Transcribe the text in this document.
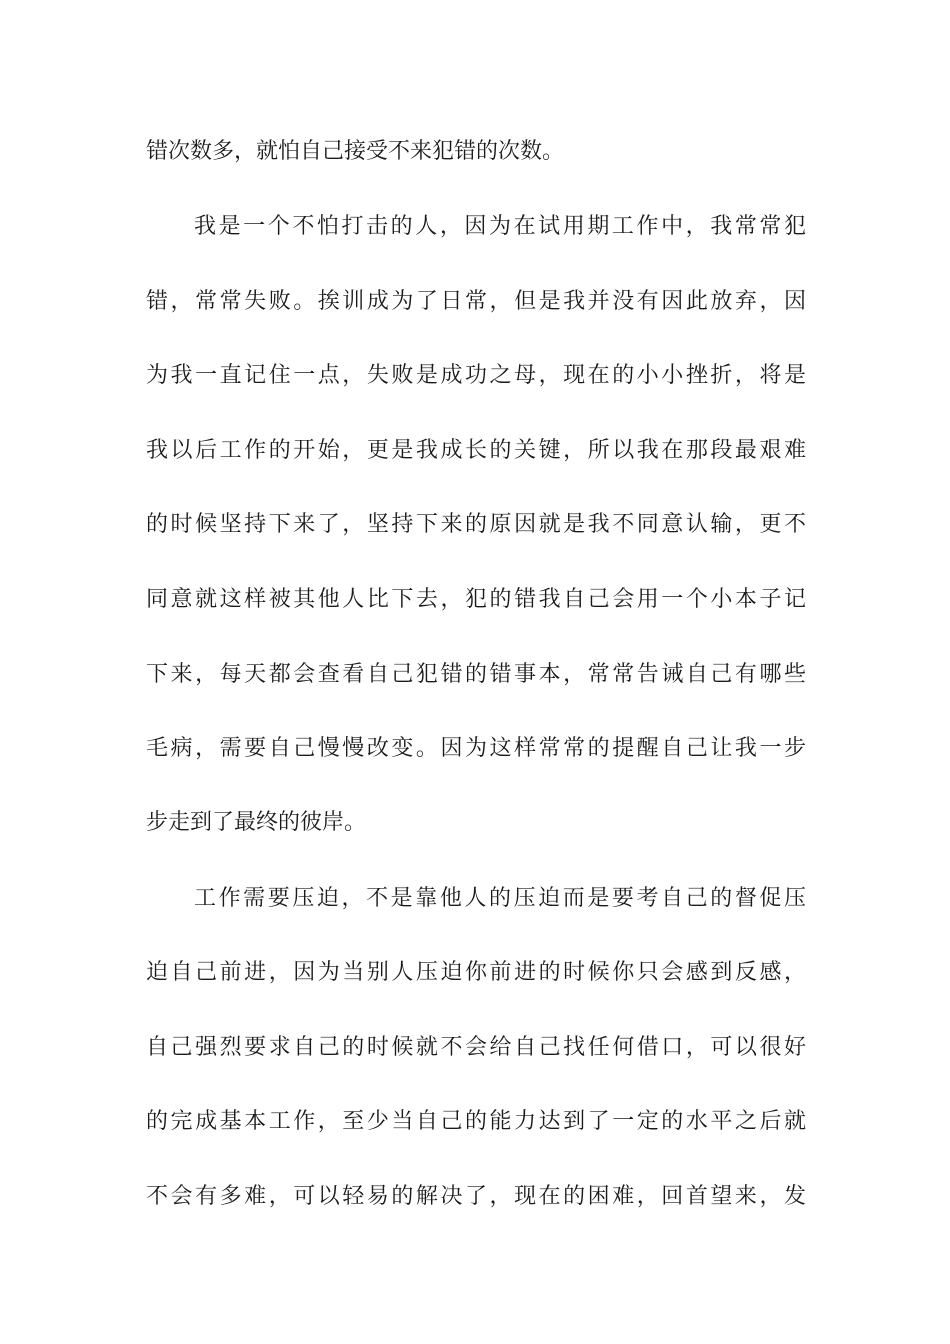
错次数多，就怕自己接受不来犯错的次数。
我是一个不怕打击的人，因为在试用期工作中，我常常犯
错，常常失败。挨训成为了日常，但是我并没有因此放弃，因
为我一直记住一点，失败是成功之母，现在的小小挫折，将是
我以后工作的开始，更是我成长的关键，所以我在那段最艰难
的时候坚持下来了，坚持下来的原因就是我不同意认输，更不
同意就这样被其他人比下去，犯的错我自己会用一个小本子记
下来，每天都会查看自己犯错的错事本，常常告诫自己有哪些
毛病，需要自己慢慢改变。因为这样常常的提醒自己让我一步
步走到了最终的彼岸。
工作需要压迫，不是靠他人的压迫而是要考自己的督促压
迫自己前进，因为当别人压迫你前进的时候你只会感到反感，
自己强烈要求自己的时候就不会给自己找任何借口，可以很好
的完成基本工作，至少当自己的能力达到了一定的水平之后就
不会有多难，可以轻易的解决了，现在的困难，回首望来，发
